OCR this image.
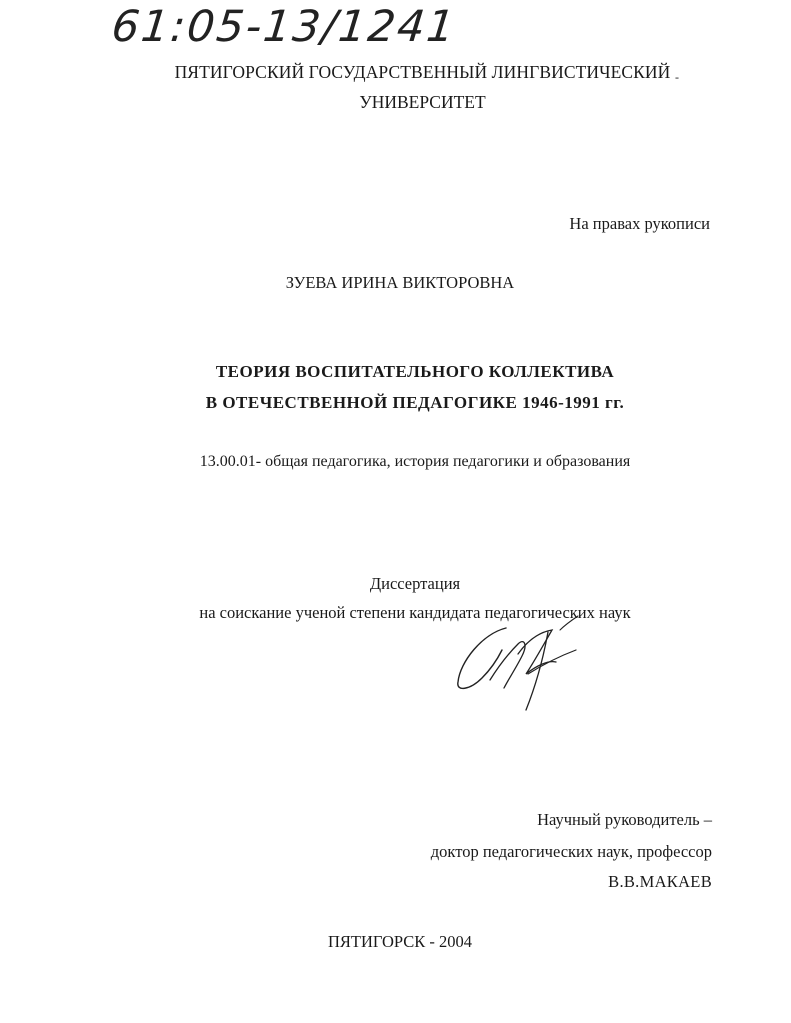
61:05-13/1241
ПЯТИГОРСКИЙ ГОСУДАРСТВЕННЫЙ ЛИНГВИСТИЧЕСКИЙ -
УНИВЕРСИТЕТ
На правах рукописи
ЗУЕВА ИРИНА ВИКТОРОВНА
ТЕОРИЯ ВОСПИТАТЕЛЬНОГО КОЛЛЕКТИВА
В ОТЕЧЕСТВЕННОЙ ПЕДАГОГИКЕ 1946-1991 гг.
13.00.01- общая педагогика, история педагогики и образования
Диссертация
на соискание ученой степени кандидата педагогических наук
Научный руководитель –
доктор педагогических наук, профессор
В.В.МАКАЕВ
ПЯТИГОРСК - 2004
